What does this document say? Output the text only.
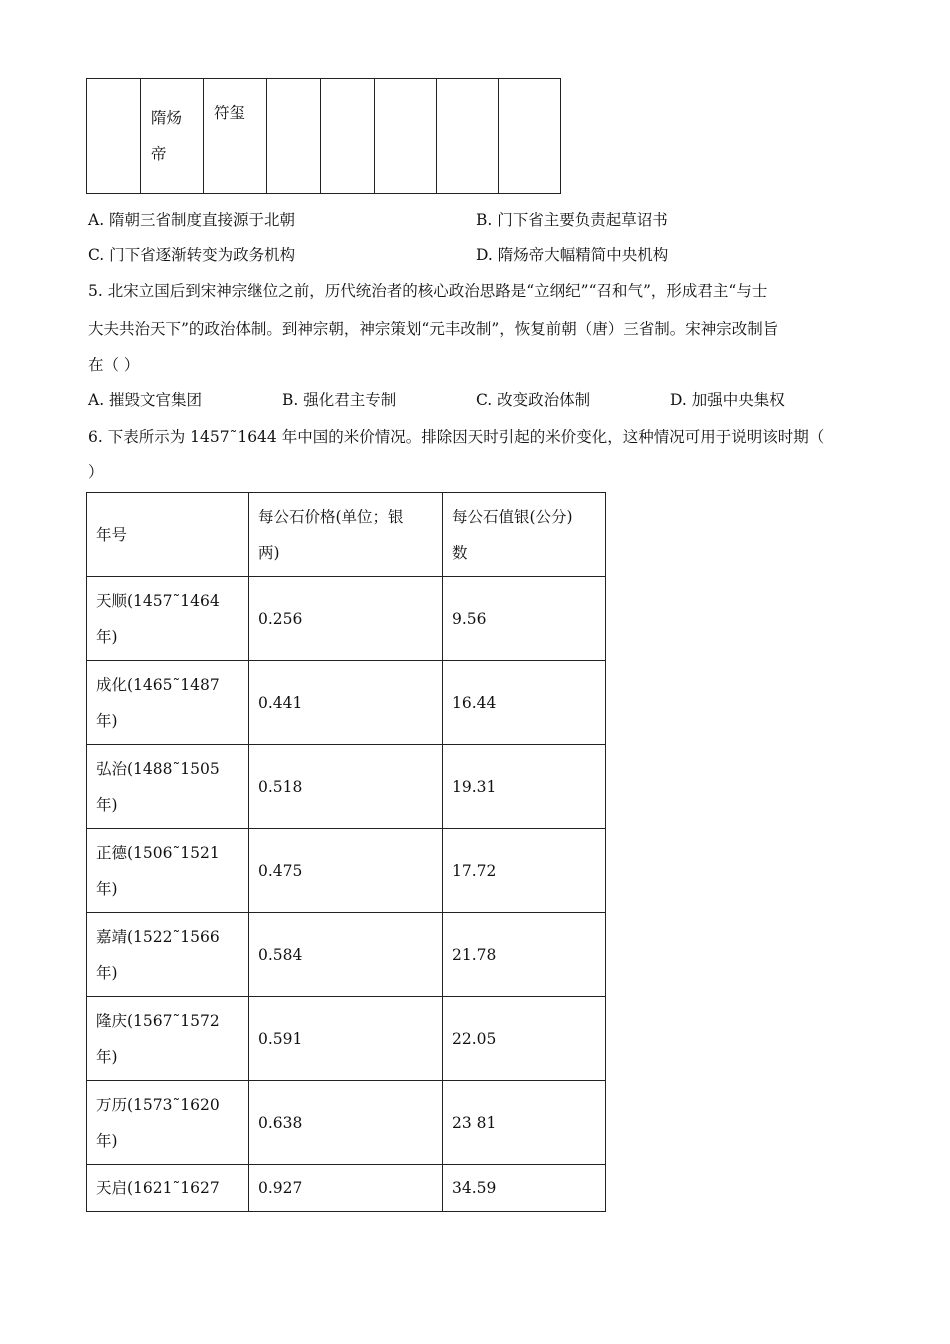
	隋炀
帝	符玺					
A. 隋朝三省制度直接源于北朝	B. 门下省主要负责起草诏书
C. 门下省逐渐转变为政务机构	D. 隋炀帝大幅精简中央机构
5. 北宋立国后到宋神宗继位之前，历代统治者的核心政治思路是“立纲纪”“召和气”，形成君主“与士
大夫共治天下”的政治体制。到神宗朝，神宗策划“元丰改制”，恢复前朝（唐）三省制。宋神宗改制旨
在（ ）
A. 摧毁文官集团	B. 强化君主专制	C. 改变政治体制	D. 加强中央集权
6. 下表所示为 1457˜1644 年中国的米价情况。排除因天时引起的米价变化，这种情况可用于说明该时期（
）
年号	每公石价格(单位；银
两)	每公石值银(公分)
数
天顺(1457˜1464
年)	0.256	9.56
成化(1465˜1487
年)	0.441	16.44
弘治(1488˜1505
年)	0.518	19.31
正德(1506˜1521
年)	0.475	17.72
嘉靖(1522˜1566
年)	0.584	21.78
隆庆(1567˜1572
年)	0.591	22.05
万历(1573˜1620
年)	0.638	23 81
天启(1621˜1627	0.927	34.59
